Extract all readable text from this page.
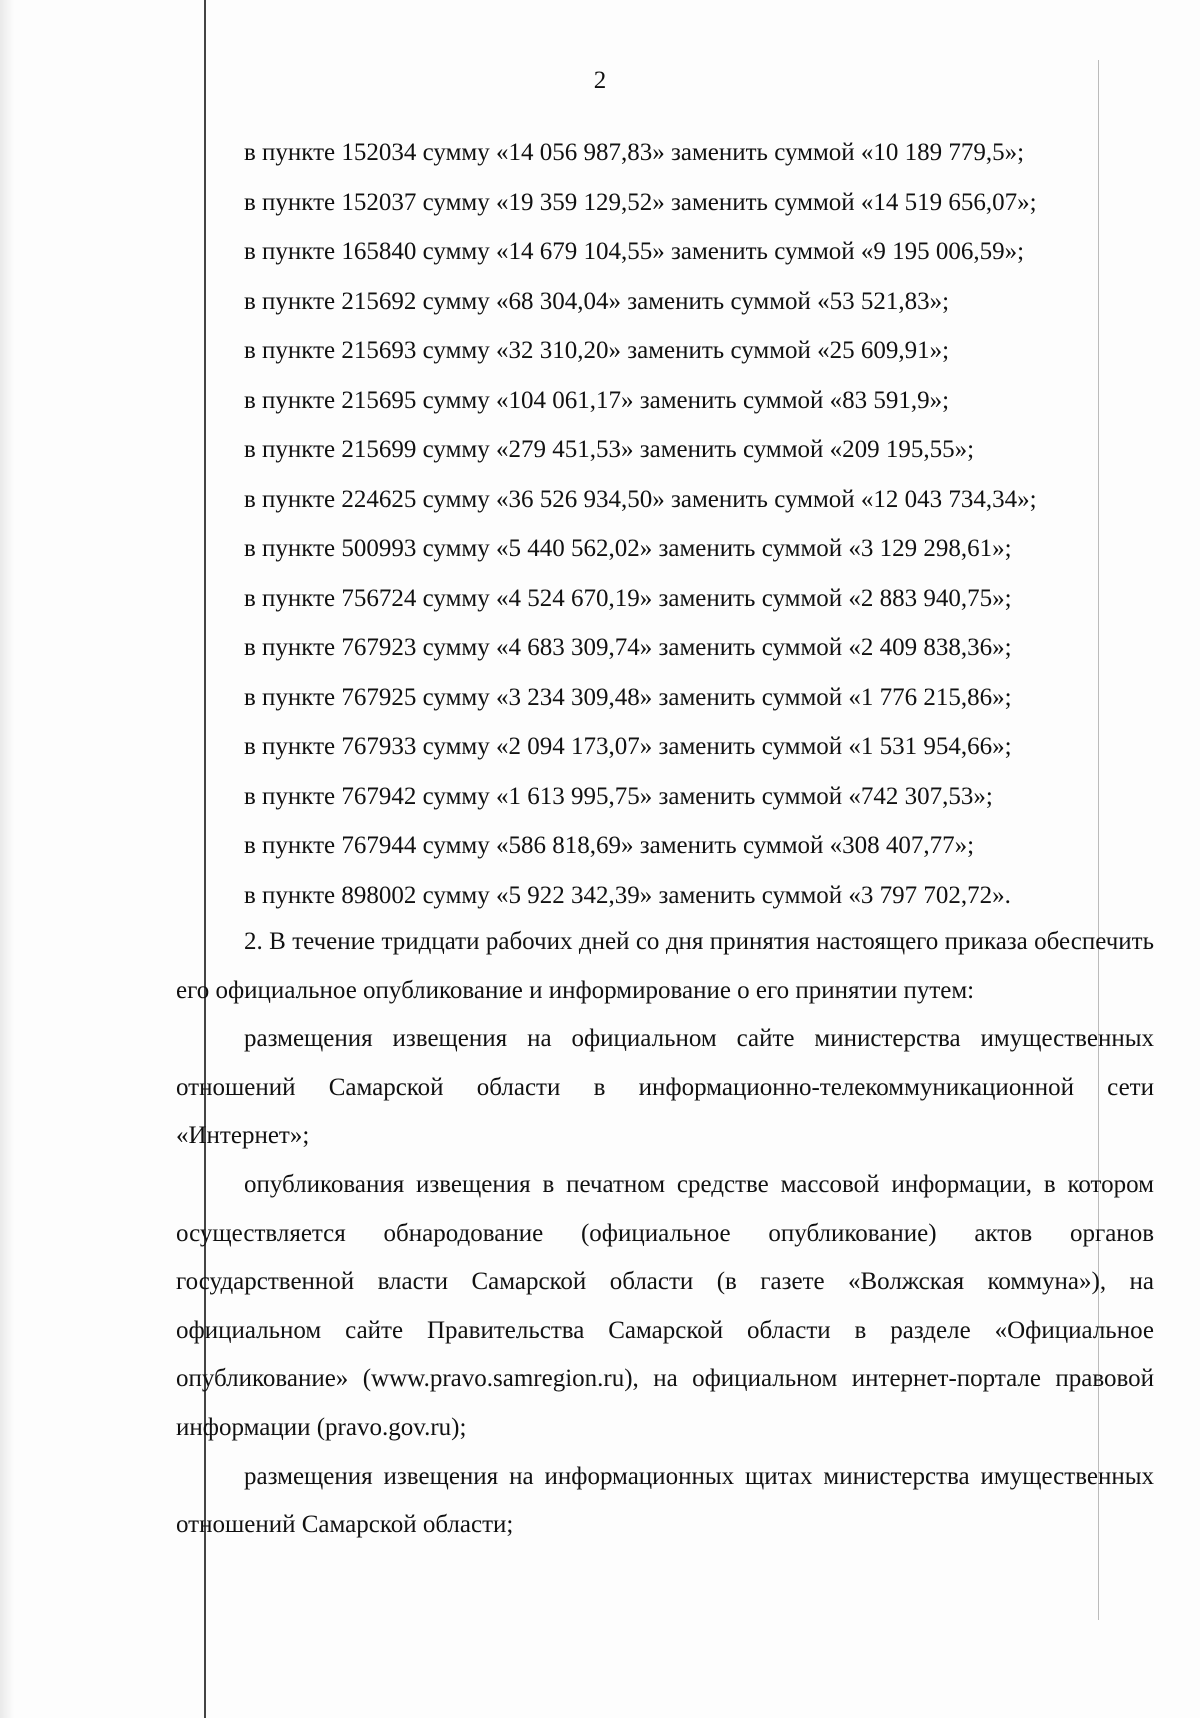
2
в пункте 152034 сумму «14 056 987,83» заменить суммой «10 189 779,5»;
в пункте 152037 сумму «19 359 129,52» заменить суммой «14 519 656,07»;
в пункте 165840 сумму «14 679 104,55» заменить суммой «9 195 006,59»;
в пункте 215692 сумму «68 304,04» заменить суммой «53 521,83»;
в пункте 215693 сумму «32 310,20» заменить суммой «25 609,91»;
в пункте 215695 сумму «104 061,17» заменить суммой «83 591,9»;
в пункте 215699 сумму «279 451,53» заменить суммой «209 195,55»;
в пункте 224625 сумму «36 526 934,50» заменить суммой «12 043 734,34»;
в пункте 500993 сумму «5 440 562,02» заменить суммой «3 129 298,61»;
в пункте 756724 сумму «4 524 670,19» заменить суммой «2 883 940,75»;
в пункте 767923 сумму «4 683 309,74» заменить суммой «2 409 838,36»;
в пункте 767925 сумму «3 234 309,48» заменить суммой «1 776 215,86»;
в пункте 767933 сумму «2 094 173,07» заменить суммой «1 531 954,66»;
в пункте 767942 сумму «1 613 995,75» заменить суммой «742 307,53»;
в пункте 767944 сумму «586 818,69» заменить суммой «308 407,77»;
в пункте 898002 сумму «5 922 342,39» заменить суммой «3 797 702,72».

2. В течение тридцати рабочих дней со дня принятия настоящего приказа обеспечить его официальное опубликование и информирование о его принятии путем:

размещения извещения на официальном сайте министерства имущественных отношений Самарской области в информационно-телекоммуникационной сети «Интернет»;

опубликования извещения в печатном средстве массовой информации, в котором осуществляется обнародование (официальное опубликование) актов органов государственной власти Самарской области (в газете «Волжская коммуна»), на официальном сайте Правительства Самарской области в разделе «Официальное опубликование» (www.pravo.samregion.ru), на официальном интернет-портале правовой информации (pravo.gov.ru);

размещения извещения на информационных щитах министерства имущественных отношений Самарской области;
